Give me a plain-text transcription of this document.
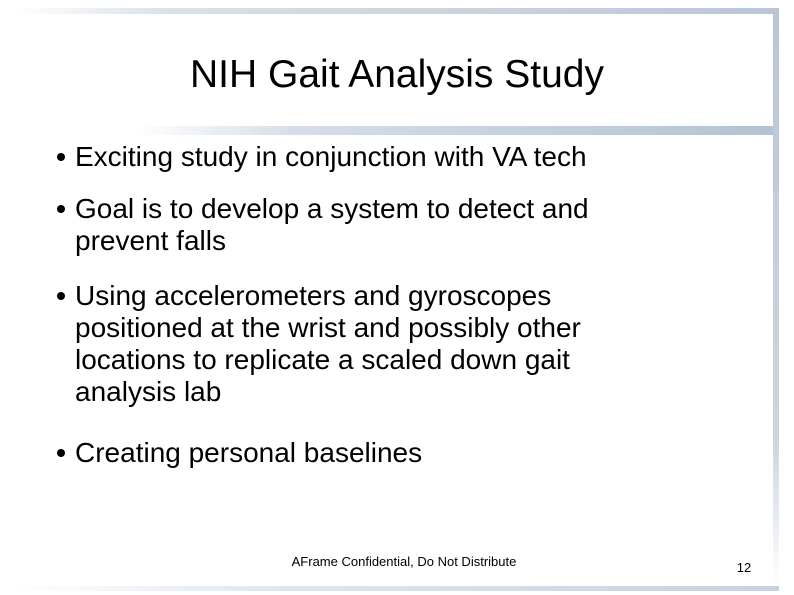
NIH Gait Analysis Study
Exciting study in conjunction with VA tech
Goal is to develop a system to detect and prevent falls
Using accelerometers and gyroscopes positioned at the wrist and possibly other locations to replicate a scaled down gait analysis lab
Creating personal baselines
AFrame Confidential, Do Not Distribute	12
